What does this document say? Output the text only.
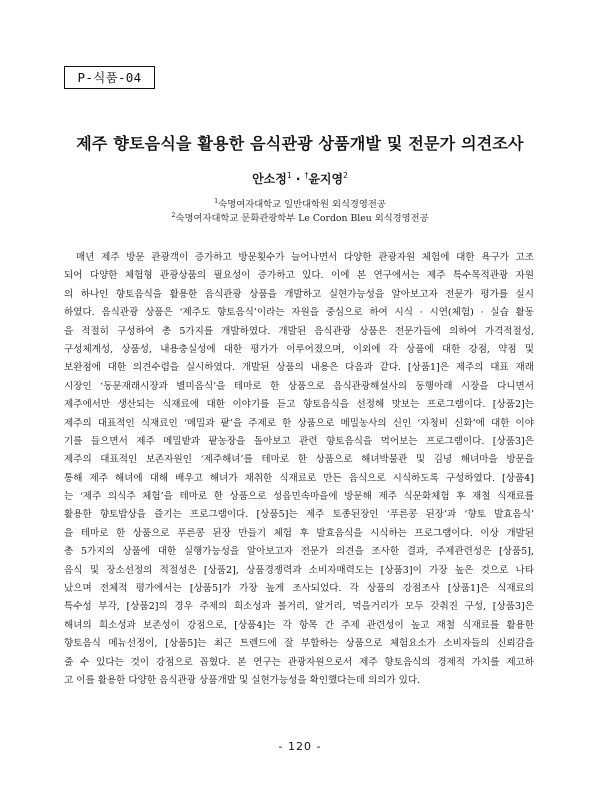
P-식품-04
제주 향토음식을 활용한 음식관광 상품개발 및 전문가 의견조사
안소정$^1$ · †윤지영$^2$
$^1$숙명여자대학교 일반대학원 외식경영전공
$^2$숙명여자대학교 문화관광학부 Le Cordon Bleu 외식경영전공
매년 제주 방문 관광객이 증가하고 방문횟수가 늘어나면서 다양한 관광자원 체험에 대한 욕구가 고조
되어 다양한 체험형 관광상품의 필요성이 증가하고 있다. 이에 본 연구에서는 제주 특수목적관광 자원
의 하나인 향토음식을 활용한 음식관광 상품을 개발하고 실현가능성을 알아보고자 전문가 평가를 실시
하였다. 음식관광 상품은 ‘제주도 향토음식’이라는 자원을 중심으로 하여 시식 · 시연(체험) · 실습 활동
을 적절히 구성하여 총 5가지를 개발하였다. 개발된 음식관광 상품은 전문가들에 의하여 가격적절성,
구성체계성, 상품성, 내용충실성에 대한 평가가 이루어졌으며, 이외에 각 상품에 대한 강점, 약점 및
보완점에 대한 의견수렴을 실시하였다. 개발된 상품의 내용은 다음과 같다. [상품1]은 제주의 대표 재래
시장인 ‘동문재래시장과 별미음식’을 테마로 한 상품으로 음식관광해설사의 동행아래 시장을 다니면서
제주에서만 생산되는 식재료에 대한 이야기를 듣고 향토음식을 선정해 맛보는 프로그램이다. [상품2]는
제주의 대표적인 식재료인 ‘메밀과 팥’을 주제로 한 상품으로 메밀농사의 신인 ‘자청비 신화’에 대한 이야
기를 들으면서 제주 메밀밭과 팥농장을 돌아보고 관련 향토음식을 먹어보는 프로그램이다. [상품3]은
제주의 대표적인 보존자원인 ‘제주해녀’를 테마로 한 상품으로 해녀박물관 및 김녕 해녀마을 방문을
통해 제주 해녀에 대해 배우고 해녀가 채취한 식재료로 만든 음식으로 시식하도록 구성하였다. [상품4]
는 ‘제주 의식주 체험’을 테마로 한 상품으로 성읍민속마을에 방문해 제주 식문화체험 후 재철 식재료를
활용한 향토밥상을 즐기는 프로그램이다. [상품5]는 제주 토종된장인 ‘푸른콩 된장’과 ‘향토 발효음식’
을 테마로 한 상품으로 푸른콩 된장 만들기 체험 후 발효음식을 시식하는 프로그램이다. 이상 개발된
총 5가지의 상품에 대한 실행가능성을 알아보고자 전문가 의견을 조사한 결과, 주제관련성은 [상품5],
음식 및 장소선정의 적절성은 [상품2], 상품경쟁력과 소비자매력도는 [상품3]이 가장 높은 것으로 나타
났으며 전체적 평가에서는 [상품5]가 가장 높게 조사되었다. 각 상품의 강점조사 [상품1]은 식재료의
특수성 부각, [상품2]의 경우 주제의 희소성과 볼거리, 알거리, 먹을거리가 모두 갖춰진 구성, [상품3]은
해녀의 희소성과 보존성이 강점으로, [상품4]는 각 항목 간 주제 관련성이 높고 재철 식재료를 활용한
향토음식 메뉴선정이, [상품5]는 최근 트렌드에 잘 부합하는 상품으로 체험요소가 소비자들의 신뢰감을
줄 수 있다는 것이 강점으로 꼽혔다. 본 연구는 관광자원으로서 제주 향토음식의 경제적 가치를 제고하
고 이를 활용한 다양한 음식관광 상품개발 및 실현가능성을 확인했다는데 의의가 있다.
- 120 -
